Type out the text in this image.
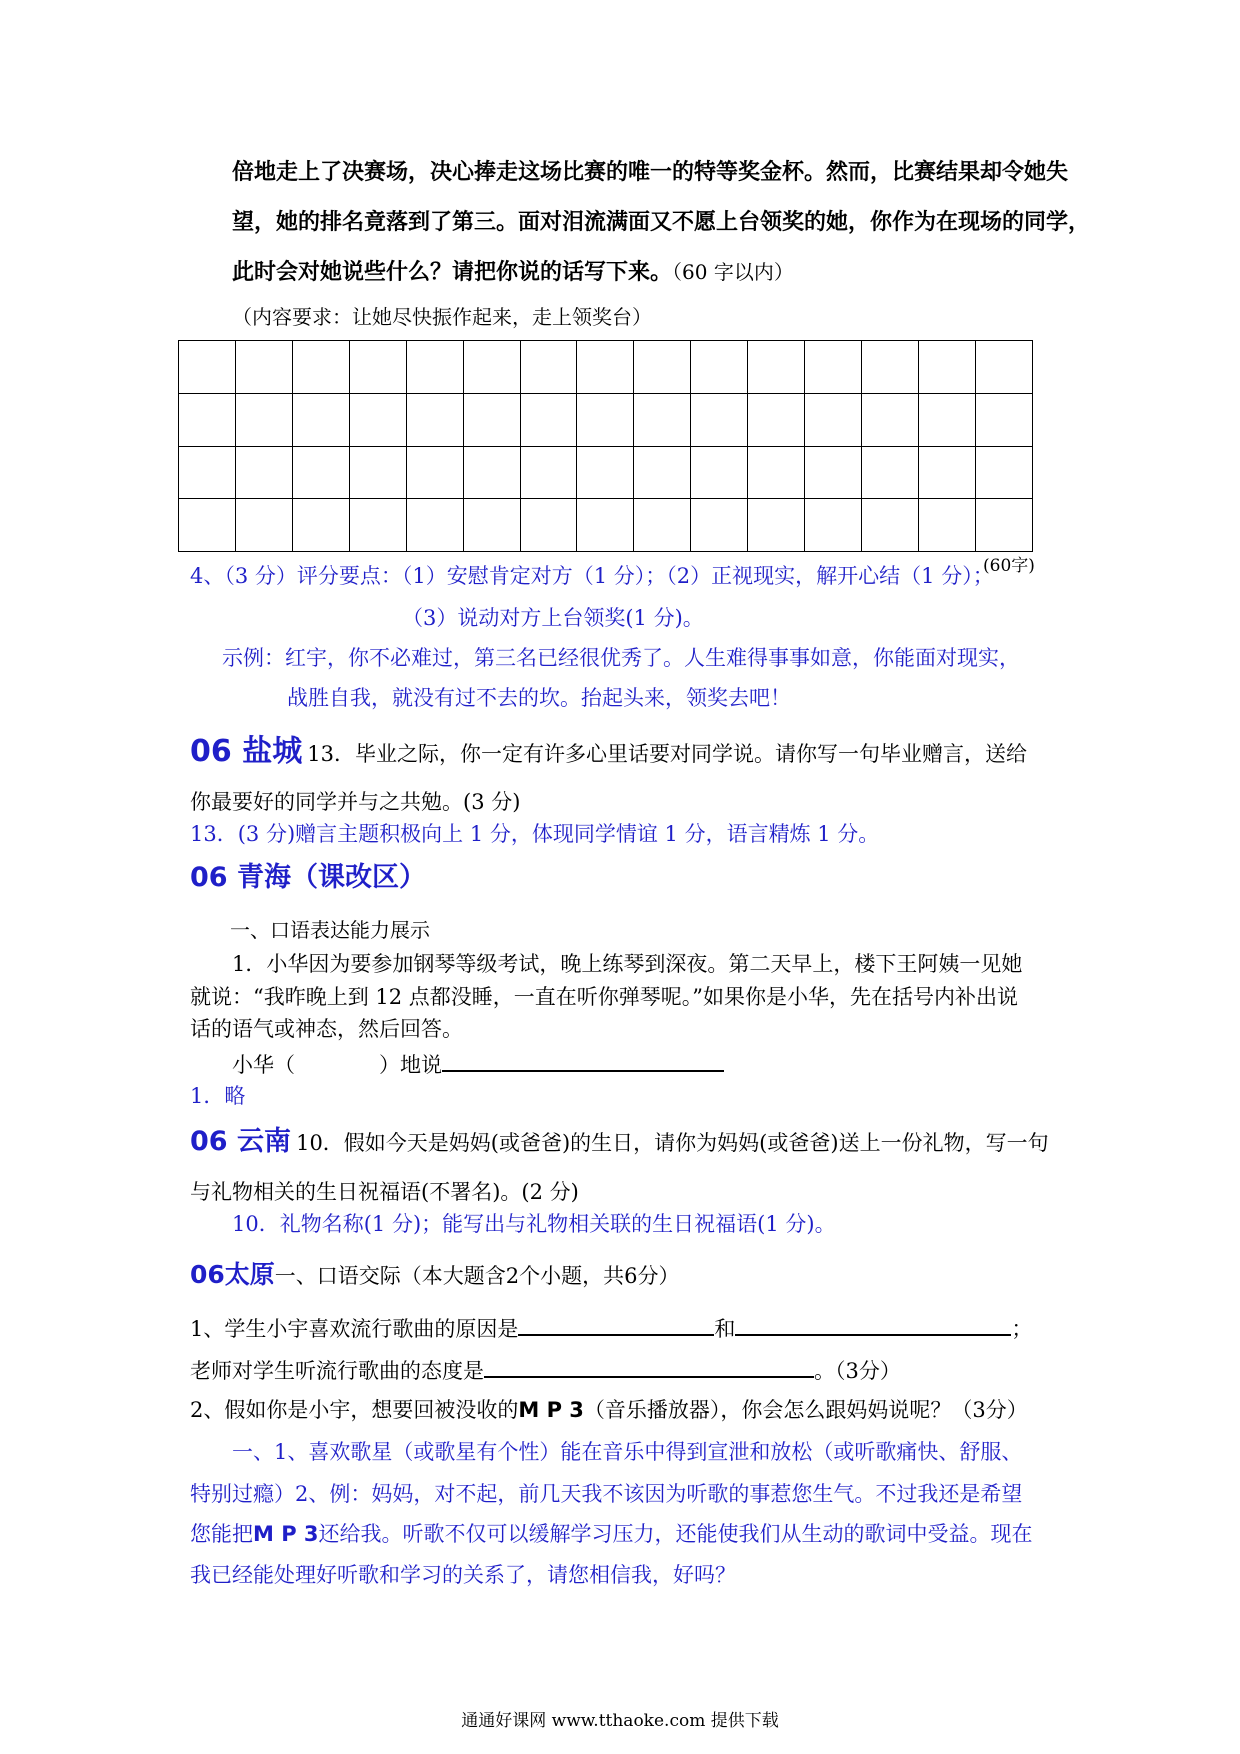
倍地走上了决赛场，决心捧走这场比赛的唯一的特等奖金杯。然而，比赛结果却令她失
望，她的排名竟落到了第三。面对泪流满面又不愿上台领奖的她，你作为在现场的同学，
此时会对她说些什么？请把你说的话写下来。（60 字以内）
（内容要求：让她尽快振作起来，走上领奖台）

(60字)
4、（3 分）评分要点：（1）安慰肯定对方（1 分）；（2）正视现实，解开心结（1 分）；
（3）说动对方上台领奖(1 分)。
示例：红宇，你不必难过，第三名已经很优秀了。人生难得事事如意，你能面对现实，
战胜自我，就没有过不去的坎。抬起头来，领奖去吧！
06 盐城 13．毕业之际，你一定有许多心里话要对同学说。请你写一句毕业赠言，送给
你最要好的同学并与之共勉。(3 分)
13．(3 分)赠言主题积极向上 1 分，体现同学情谊 1 分，语言精炼 1 分。
06 青海（课改区）
一、口语表达能力展示
1．小华因为要参加钢琴等级考试，晚上练琴到深夜。第二天早上，楼下王阿姨一见她
就说：“我昨晚上到 12 点都没睡，一直在听你弹琴呢。”如果你是小华，先在括号内补出说
话的语气或神态，然后回答。
小华（	）地说
1．略
06 云南 10．假如今天是妈妈(或爸爸)的生日，请你为妈妈(或爸爸)送上一份礼物，写一句
与礼物相关的生日祝福语(不署名)。(2 分)
10．礼物名称(1 分)；能写出与礼物相关联的生日祝福语(1 分)。
06太原一、口语交际（本大题含2个小题，共6分）
1、学生小宇喜欢流行歌曲的原因是	和	；
老师对学生听流行歌曲的态度是	。（3分）
2、假如你是小宇，想要回被没收的M P 3（音乐播放器），你会怎么跟妈妈说呢？（3分）
一、1、喜欢歌星（或歌星有个性）能在音乐中得到宣泄和放松（或听歌痛快、舒服、
特别过瘾）2、例：妈妈，对不起，前几天我不该因为听歌的事惹您生气。不过我还是希望
您能把M P 3还给我。听歌不仅可以缓解学习压力，还能使我们从生动的歌词中受益。现在
我已经能处理好听歌和学习的关系了，请您相信我，好吗？
通通好课网 www.tthaoke.com 提供下载
